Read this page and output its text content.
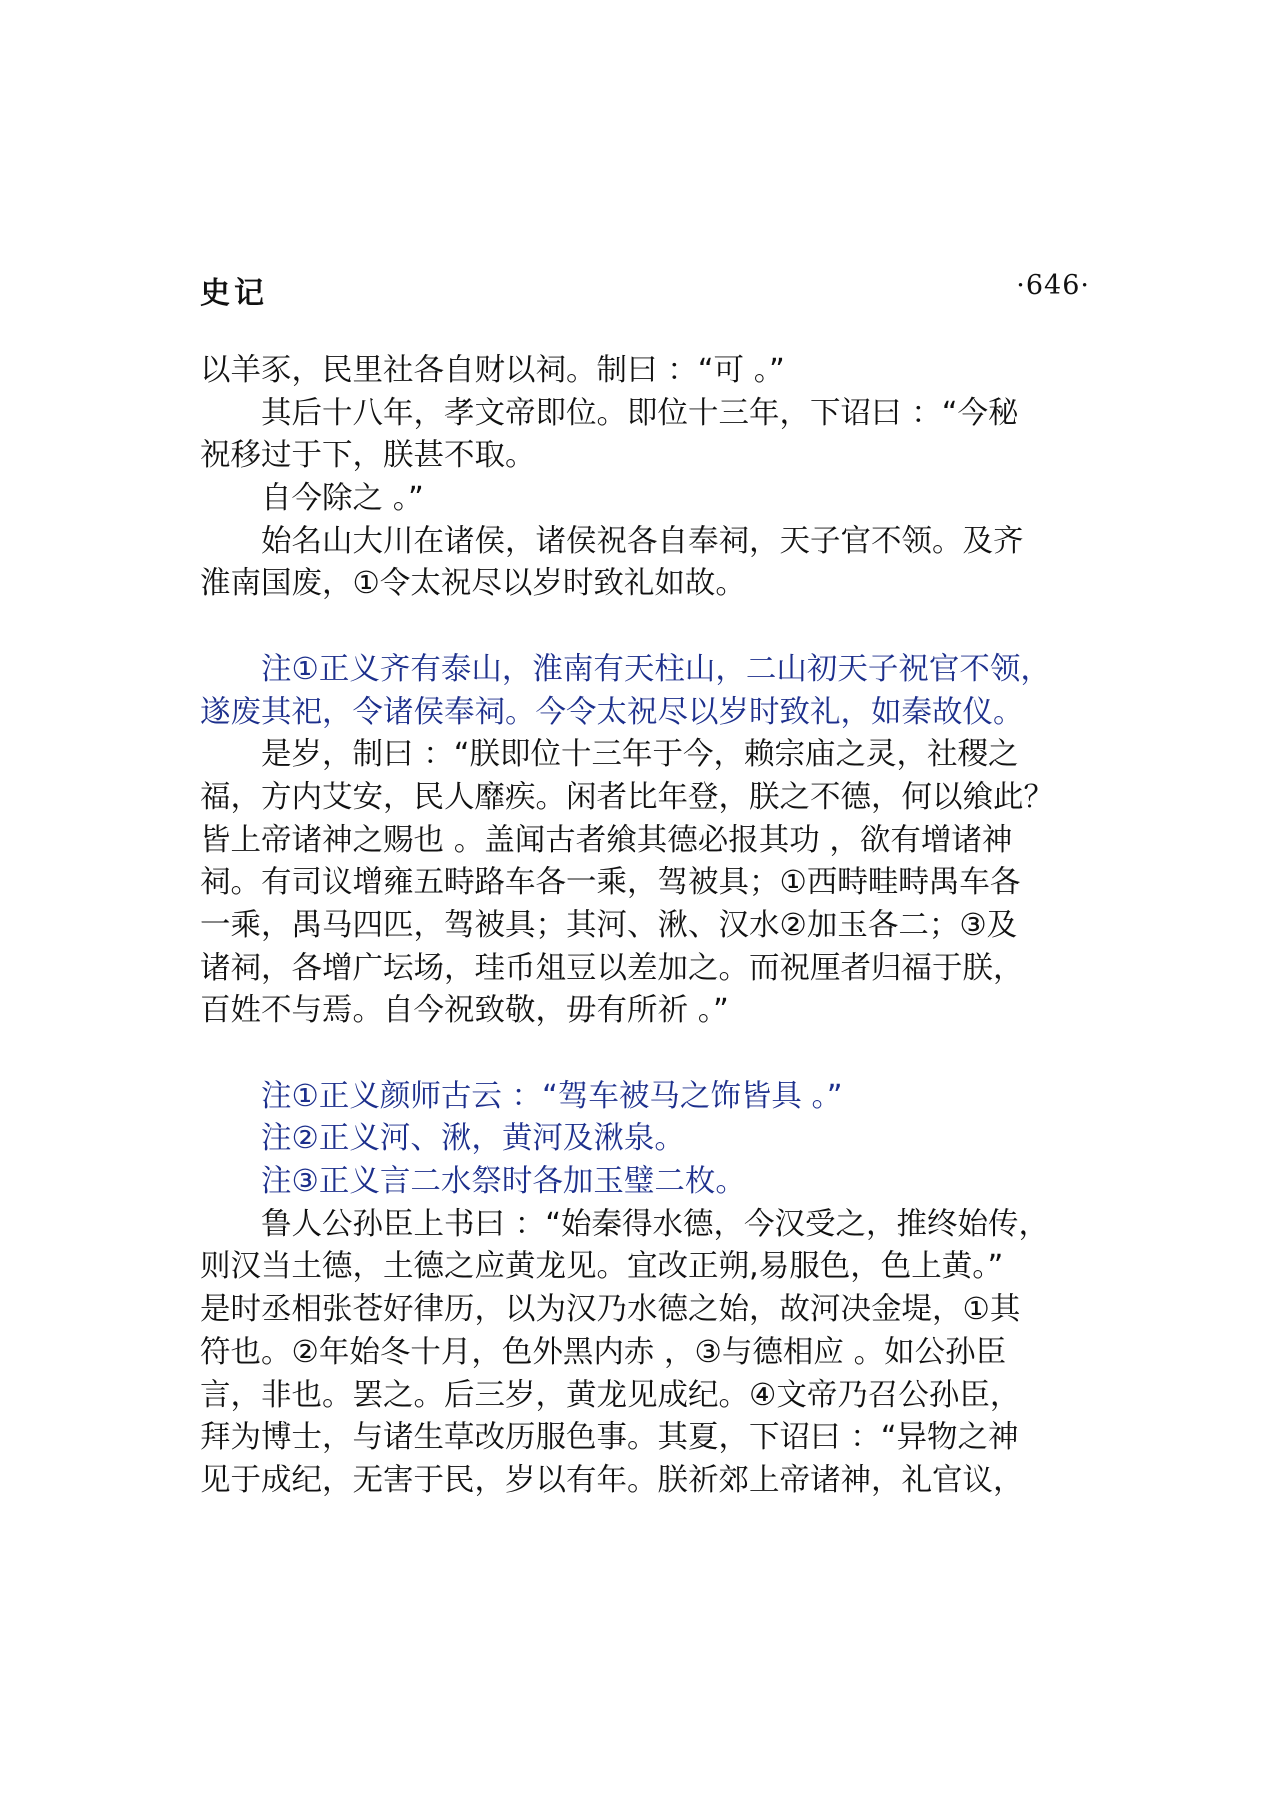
史记	·646·
以羊豕，民里社各自财以祠。制曰 ：“可 。”
其后十八年，孝文帝即位。即位十三年，下诏曰 ：“今秘
祝移过于下，朕甚不取。
自今除之 。”
始名山大川在诸侯，诸侯祝各自奉祠，天子官不领。及齐
淮南国废，①令太祝尽以岁时致礼如故。
注①正义齐有泰山，淮南有天柱山，二山初天子祝官不领，
遂废其祀，令诸侯奉祠。今令太祝尽以岁时致礼，如秦故仪。
是岁，制曰 ：“朕即位十三年于今，赖宗庙之灵，社稷之
福，方内艾安，民人靡疾。闲者比年登，朕之不德，何以飨此？
皆上帝诸神之赐也 。盖闻古者飨其德必报其功 ，欲有增诸神
祠。有司议增雍五畤路车各一乘，驾被具；①西畤畦畤禺车各
一乘，禺马四匹，驾被具；其河、湫、汉水②加玉各二；③及
诸祠，各增广坛场，珪币俎豆以差加之。而祝厘者归福于朕，
百姓不与焉。自今祝致敬，毋有所祈 。”
注①正义颜师古云 ：“驾车被马之饰皆具 。”
注②正义河、湫，黄河及湫泉。
注③正义言二水祭时各加玉璧二枚。
鲁人公孙臣上书曰 ：“始秦得水德，今汉受之，推终始传，
则汉当土德，土德之应黄龙见。宜改正朔,易服色，色上黄。”
是时丞相张苍好律历，以为汉乃水德之始，故河决金堤，①其
符也。②年始冬十月，色外黑内赤 ，③与德相应 。如公孙臣
言，非也。罢之。后三岁，黄龙见成纪。④文帝乃召公孙臣，
拜为博士，与诸生草改历服色事。其夏，下诏曰 ：“异物之神
见于成纪，无害于民，岁以有年。朕祈郊上帝诸神，礼官议，
